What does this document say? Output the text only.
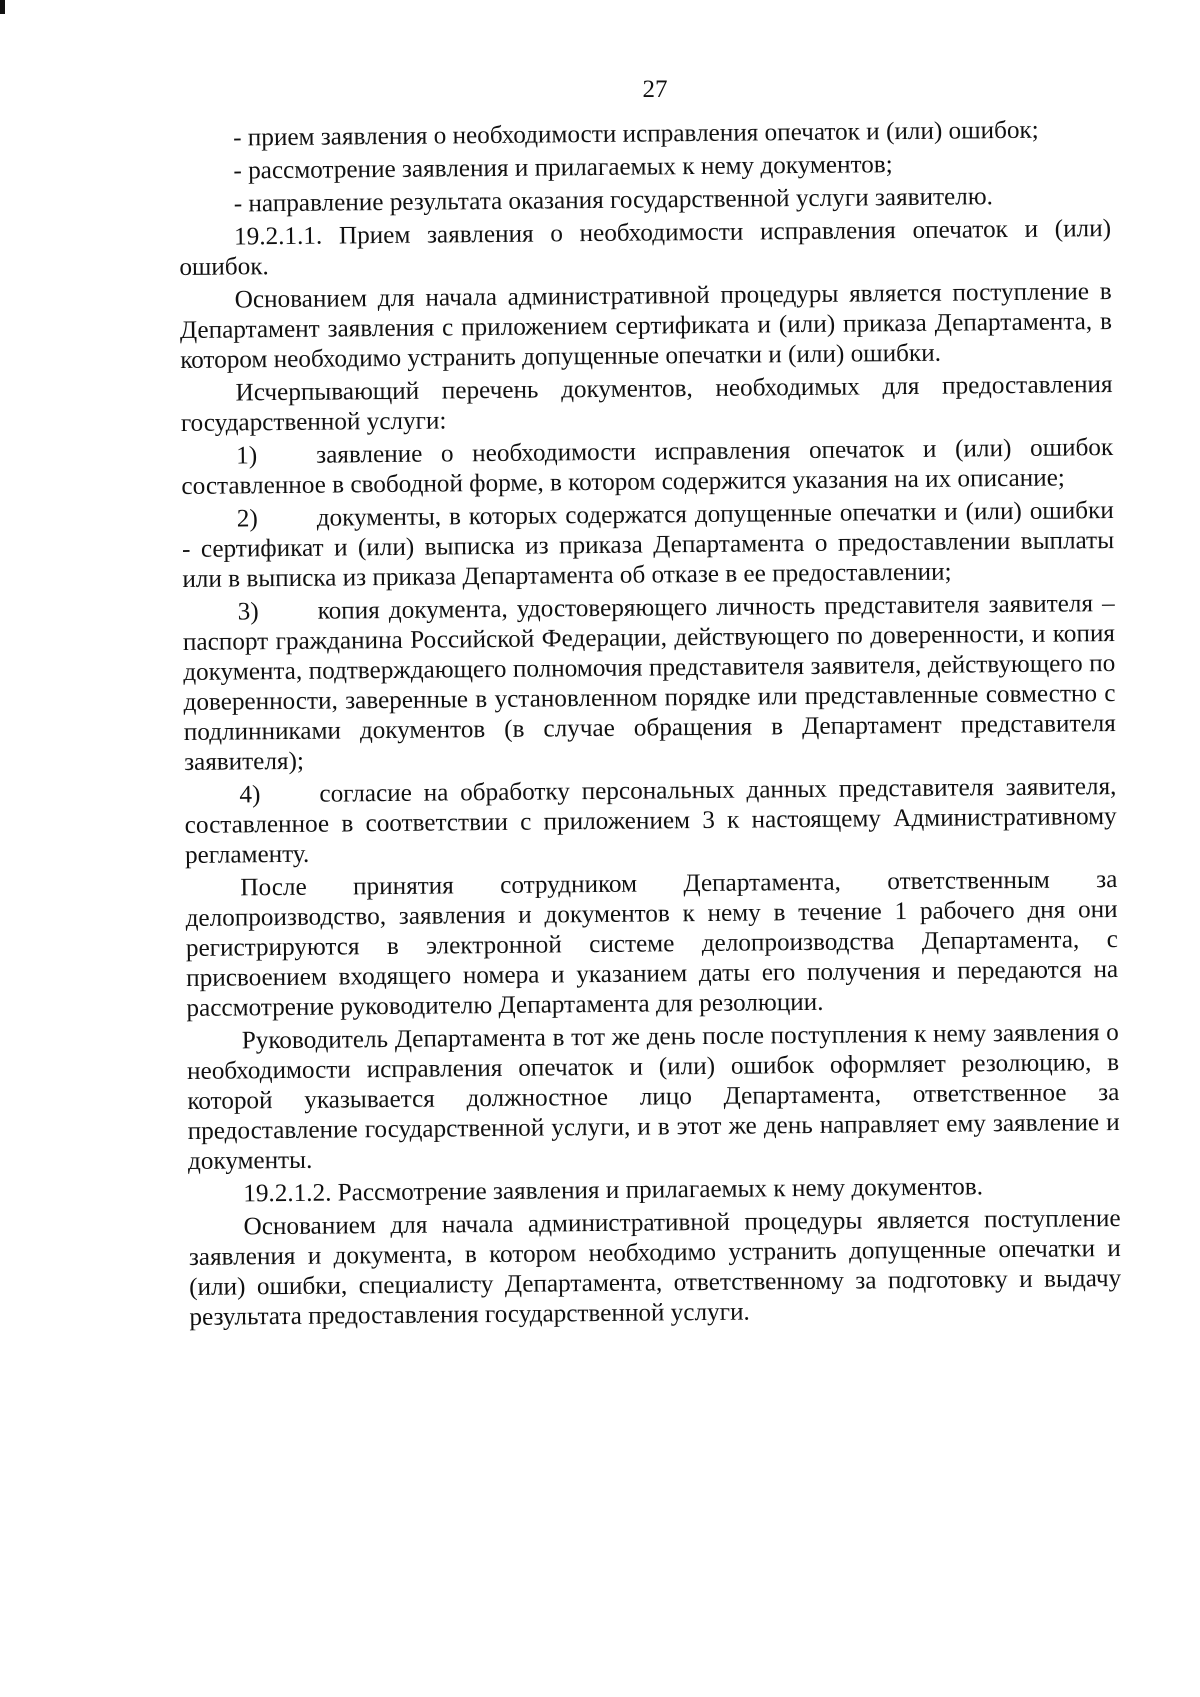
27

- прием заявления о необходимости исправления опечаток и (или) ошибок;

- рассмотрение заявления и прилагаемых к нему документов;

- направление результата оказания государственной услуги заявителю.

19.2.1.1. Прием заявления о необходимости исправления опечаток и (или) ошибок.

Основанием для начала административной процедуры является поступление в Департамент заявления с приложением сертификата и (или) приказа Департамента, в котором необходимо устранить допущенные опечатки и (или) ошибки.

Исчерпывающий перечень документов, необходимых для предоставления государственной услуги:

1) заявление о необходимости исправления опечаток и (или) ошибок составленное в свободной форме, в котором содержится указания на их описание;

2) документы, в которых содержатся допущенные опечатки и (или) ошибки - сертификат и (или) выписка из приказа Департамента о предоставлении выплаты или в выписка из приказа Департамента об отказе в ее предоставлении;

3) копия документа, удостоверяющего личность представителя заявителя – паспорт гражданина Российской Федерации, действующего по доверенности, и копия документа, подтверждающего полномочия представителя заявителя, действующего по доверенности, заверенные в установленном порядке или представленные совместно с подлинниками документов (в случае обращения в Департамент представителя заявителя);

4) согласие на обработку персональных данных представителя заявителя, составленное в соответствии с приложением 3 к настоящему Административному регламенту.

После принятия сотрудником Департамента, ответственным за делопроизводство, заявления и документов к нему в течение 1 рабочего дня они регистрируются в электронной системе делопроизводства Департамента, с присвоением входящего номера и указанием даты его получения и передаются на рассмотрение руководителю Департамента для резолюции.

Руководитель Департамента в тот же день после поступления к нему заявления о необходимости исправления опечаток и (или) ошибок оформляет резолюцию, в которой указывается должностное лицо Департамента, ответственное за предоставление государственной услуги, и в этот же день направляет ему заявление и документы.

19.2.1.2. Рассмотрение заявления и прилагаемых к нему документов.

Основанием для начала административной процедуры является поступление заявления и документа, в котором необходимо устранить допущенные опечатки и (или) ошибки, специалисту Департамента, ответственному за подготовку и выдачу результата предоставления государственной услуги.
